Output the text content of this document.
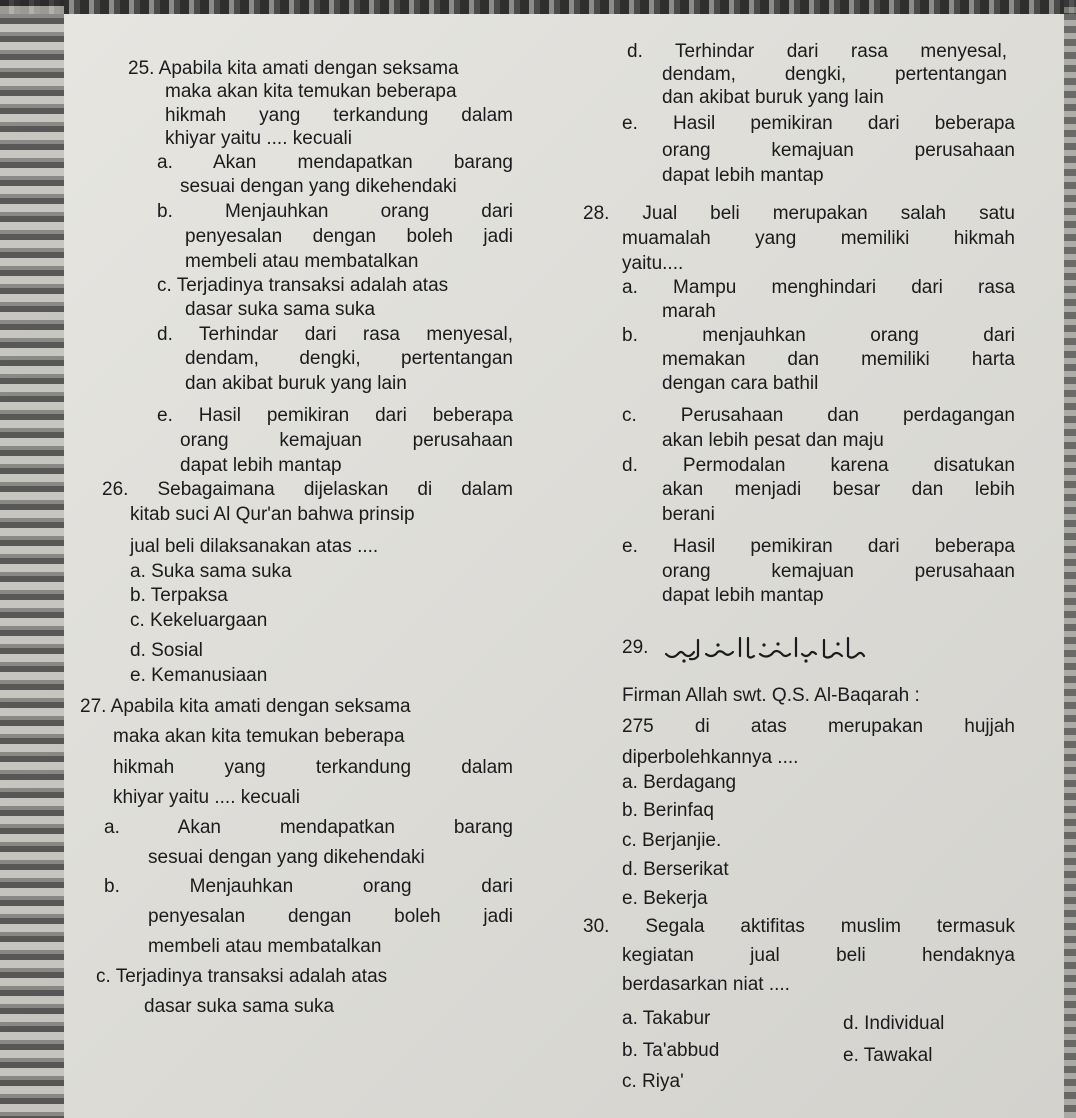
25. Apabila kita amati dengan seksama
maka akan kita temukan beberapa
hikmah yang terkandung dalam
khiyar yaitu .... kecuali
a. Akan mendapatkan barang
sesuai dengan yang dikehendaki
b. Menjauhkan orang dari
penyesalan dengan boleh jadi
membeli atau membatalkan
c. Terjadinya transaksi adalah atas
dasar suka sama suka
d. Terhindar dari rasa menyesal,
dendam, dengki, pertentangan
dan akibat buruk yang lain
e. Hasil pemikiran dari beberapa
orang kemajuan perusahaan
dapat lebih mantap
26. Sebagaimana dijelaskan di dalam
kitab suci Al Qur'an bahwa prinsip
jual beli dilaksanakan atas ....
a. Suka sama suka
b. Terpaksa
c. Kekeluargaan
d. Sosial
e. Kemanusiaan
27. Apabila kita amati dengan seksama
maka akan kita temukan beberapa
hikmah yang terkandung dalam
khiyar yaitu .... kecuali
a. Akan mendapatkan barang
sesuai dengan yang dikehendaki
b. Menjauhkan orang dari
penyesalan dengan boleh jadi
membeli atau membatalkan
c. Terjadinya transaksi adalah atas
dasar suka sama suka
d. Terhindar dari rasa menyesal,
dendam, dengki, pertentangan
dan akibat buruk yang lain
e. Hasil pemikiran dari beberapa
orang kemajuan perusahaan
dapat lebih mantap
28. Jual beli merupakan salah satu
muamalah yang memiliki hikmah
yaitu....
a. Mampu menghindari dari rasa
marah
b. menjauhkan orang dari
memakan dan memiliki harta
dengan cara bathil
c. Perusahaan dan perdagangan
akan lebih pesat dan maju
d. Permodalan karena disatukan
akan menjadi besar dan lebih
berani
e. Hasil pemikiran dari beberapa
orang kemajuan perusahaan
dapat lebih mantap
29.
Firman Allah swt. Q.S. Al-Baqarah :
275 di atas merupakan hujjah
diperbolehkannya ....
a. Berdagang
b. Berinfaq
c. Berjanjie.
d. Berserikat
e. Bekerja
30. Segala aktifitas muslim termasuk
kegiatan jual beli hendaknya
berdasarkan niat ....
a. Takabur
b. Ta'abbud
c. Riya'
d. Individual
e. Tawakal
